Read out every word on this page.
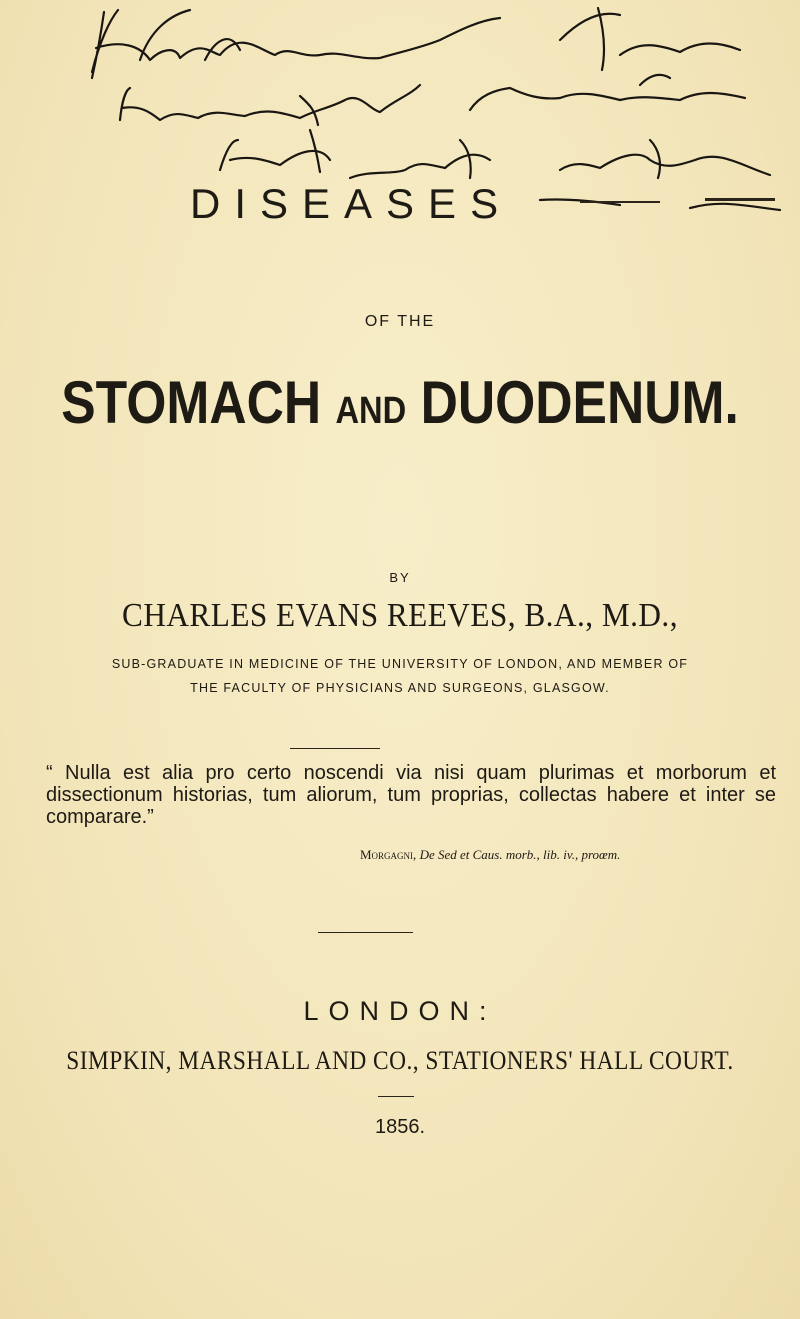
DISEASES
OF THE
STOMACH AND DUODENUM.
BY
CHARLES EVANS REEVES, B.A., M.D.,
SUB-GRADUATE IN MEDICINE OF THE UNIVERSITY OF LONDON, AND MEMBER OF
THE FACULTY OF PHYSICIANS AND SURGEONS, GLASGOW.
“ Nulla est alia pro certo noscendi via nisi quam plurimas et morborum et dissectionum historias, tum aliorum, tum proprias, collectas habere et inter se comparare.”
Morgagni, De Sed et Caus. morb., lib. iv., proœm.
LONDON:
SIMPKIN, MARSHALL AND CO., STATIONERS' HALL COURT.
1856.
